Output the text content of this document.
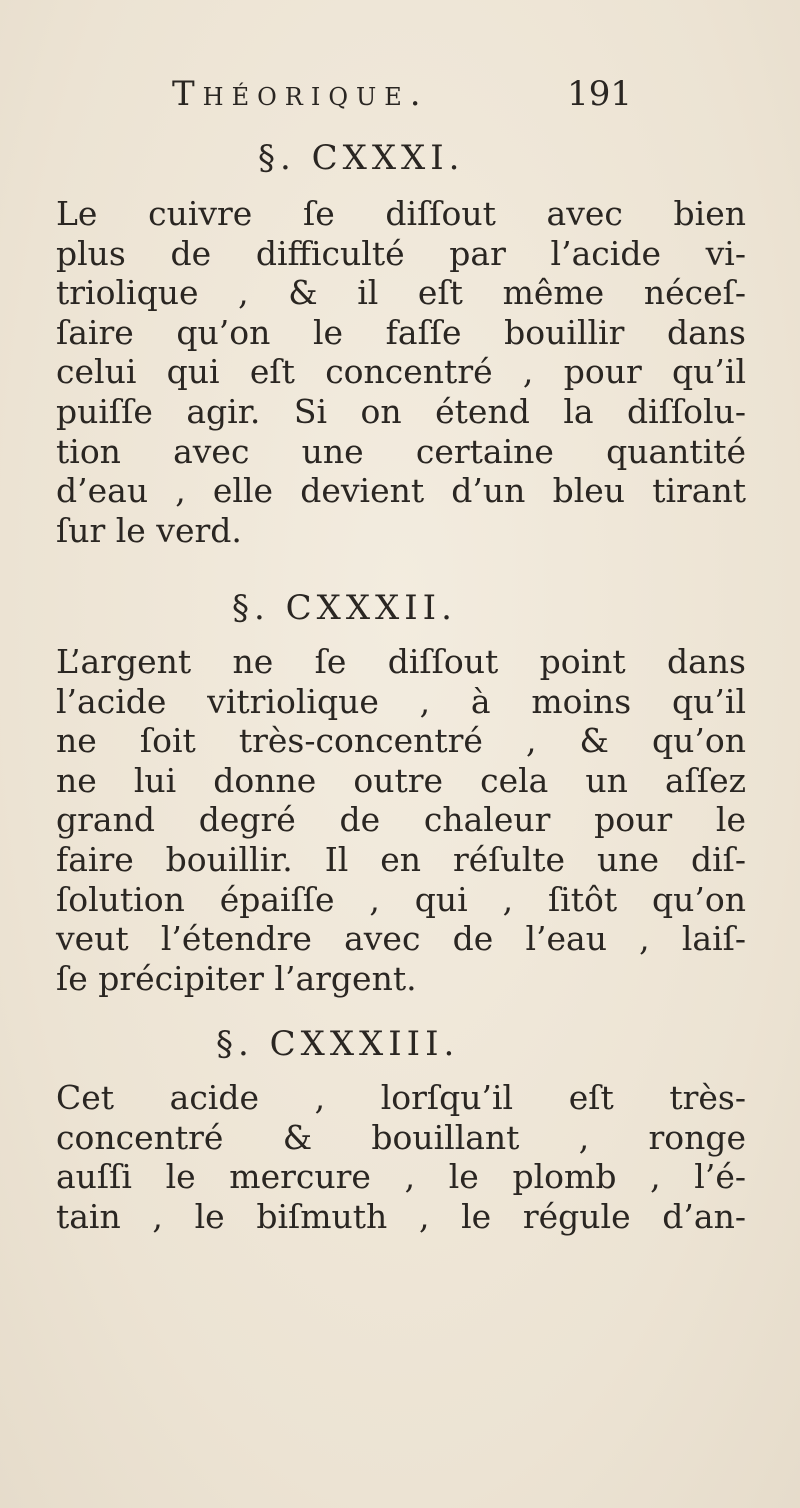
Théorique.	191
§. CXXXI.
Le cuivre ſe diſſout avec bien
plus de difficulté par l’acide vi-
triolique , & il eſt même néceſ-
ſaire qu’on le faſſe bouillir dans
celui qui eſt concentré , pour qu’il
puiſſe agir. Si on étend la diſſolu-
tion avec une certaine quantité
d’eau , elle devient d’un bleu tirant
ſur le verd.
§. CXXXII.
L’argent ne ſe diſſout point dans
l’acide vitriolique , à moins qu’il
ne ſoit très-concentré , & qu’on
ne lui donne outre cela un aſſez
grand degré de chaleur pour le
faire bouillir. Il en réſulte une diſ-
ſolution épaiſſe , qui , ſitôt qu’on
veut l’étendre avec de l’eau , laiſ-
ſe précipiter l’argent.
§. CXXXIII.
Cet acide , lorſqu’il eſt très-
concentré & bouillant , ronge
auſſi le mercure , le plomb , l’é-
tain , le biſmuth , le régule d’an-
